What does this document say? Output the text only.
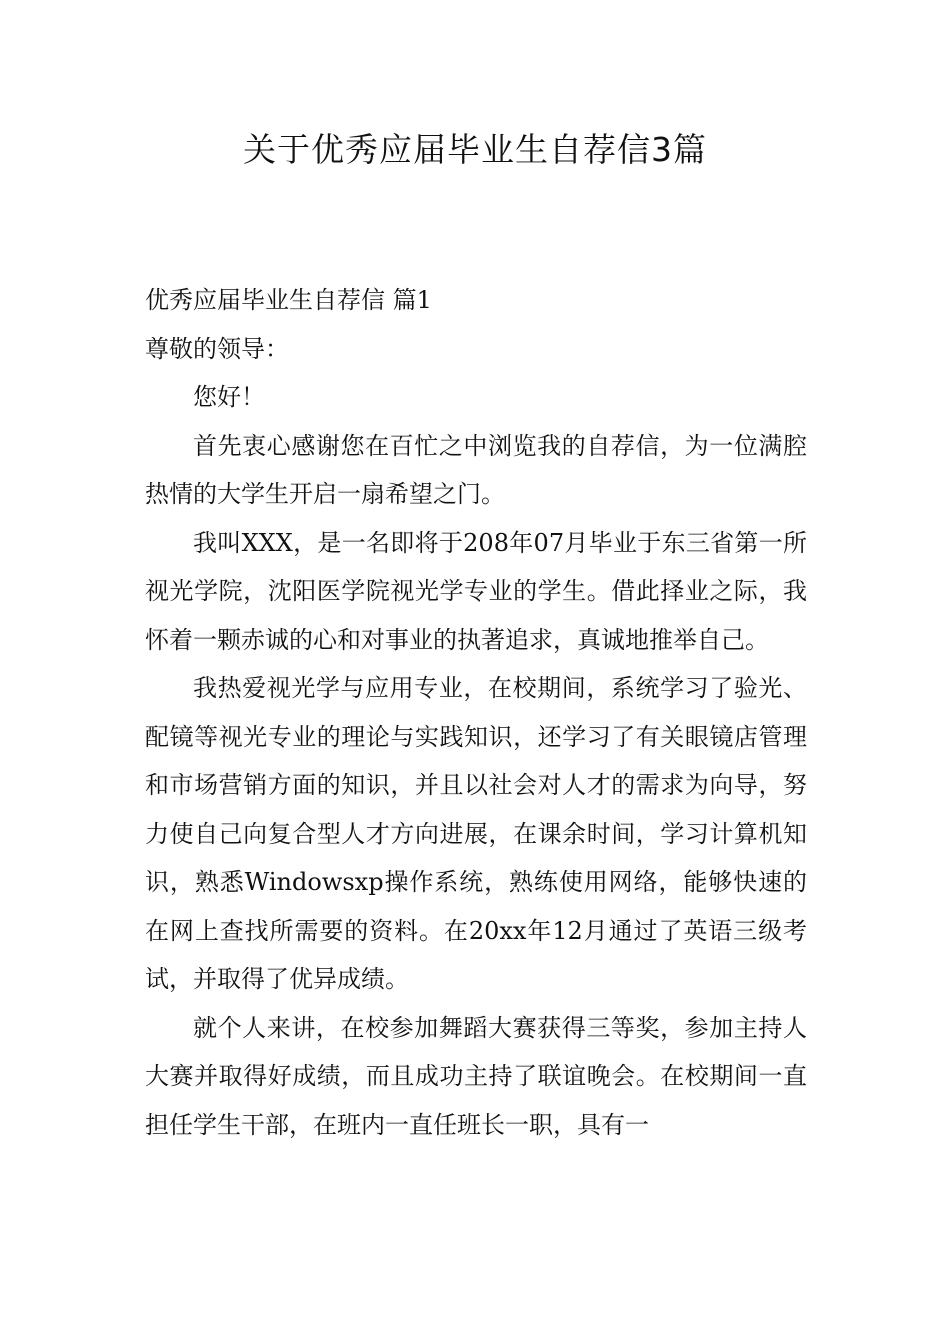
关于优秀应届毕业生自荐信3篇

优秀应届毕业生自荐信 篇1

尊敬的领导：

您好！

首先衷心感谢您在百忙之中浏览我的自荐信，为一位满腔热情的大学生开启一扇希望之门。

我叫XXX，是一名即将于208年07月毕业于东三省第一所视光学院，沈阳医学院视光学专业的学生。借此择业之际，我怀着一颗赤诚的心和对事业的执著追求，真诚地推举自己。

我热爱视光学与应用专业，在校期间，系统学习了验光、配镜等视光专业的理论与实践知识，还学习了有关眼镜店管理和市场营销方面的知识，并且以社会对人才的需求为向导，努力使自己向复合型人才方向进展，在课余时间，学习计算机知识，熟悉Windowsxp操作系统，熟练使用网络，能够快速的在网上查找所需要的资料。在20xx年12月通过了英语三级考试，并取得了优异成绩。

就个人来讲，在校参加舞蹈大赛获得三等奖，参加主持人大赛并取得好成绩，而且成功主持了联谊晚会。在校期间一直担任学生干部，在班内一直任班长一职，具有一
